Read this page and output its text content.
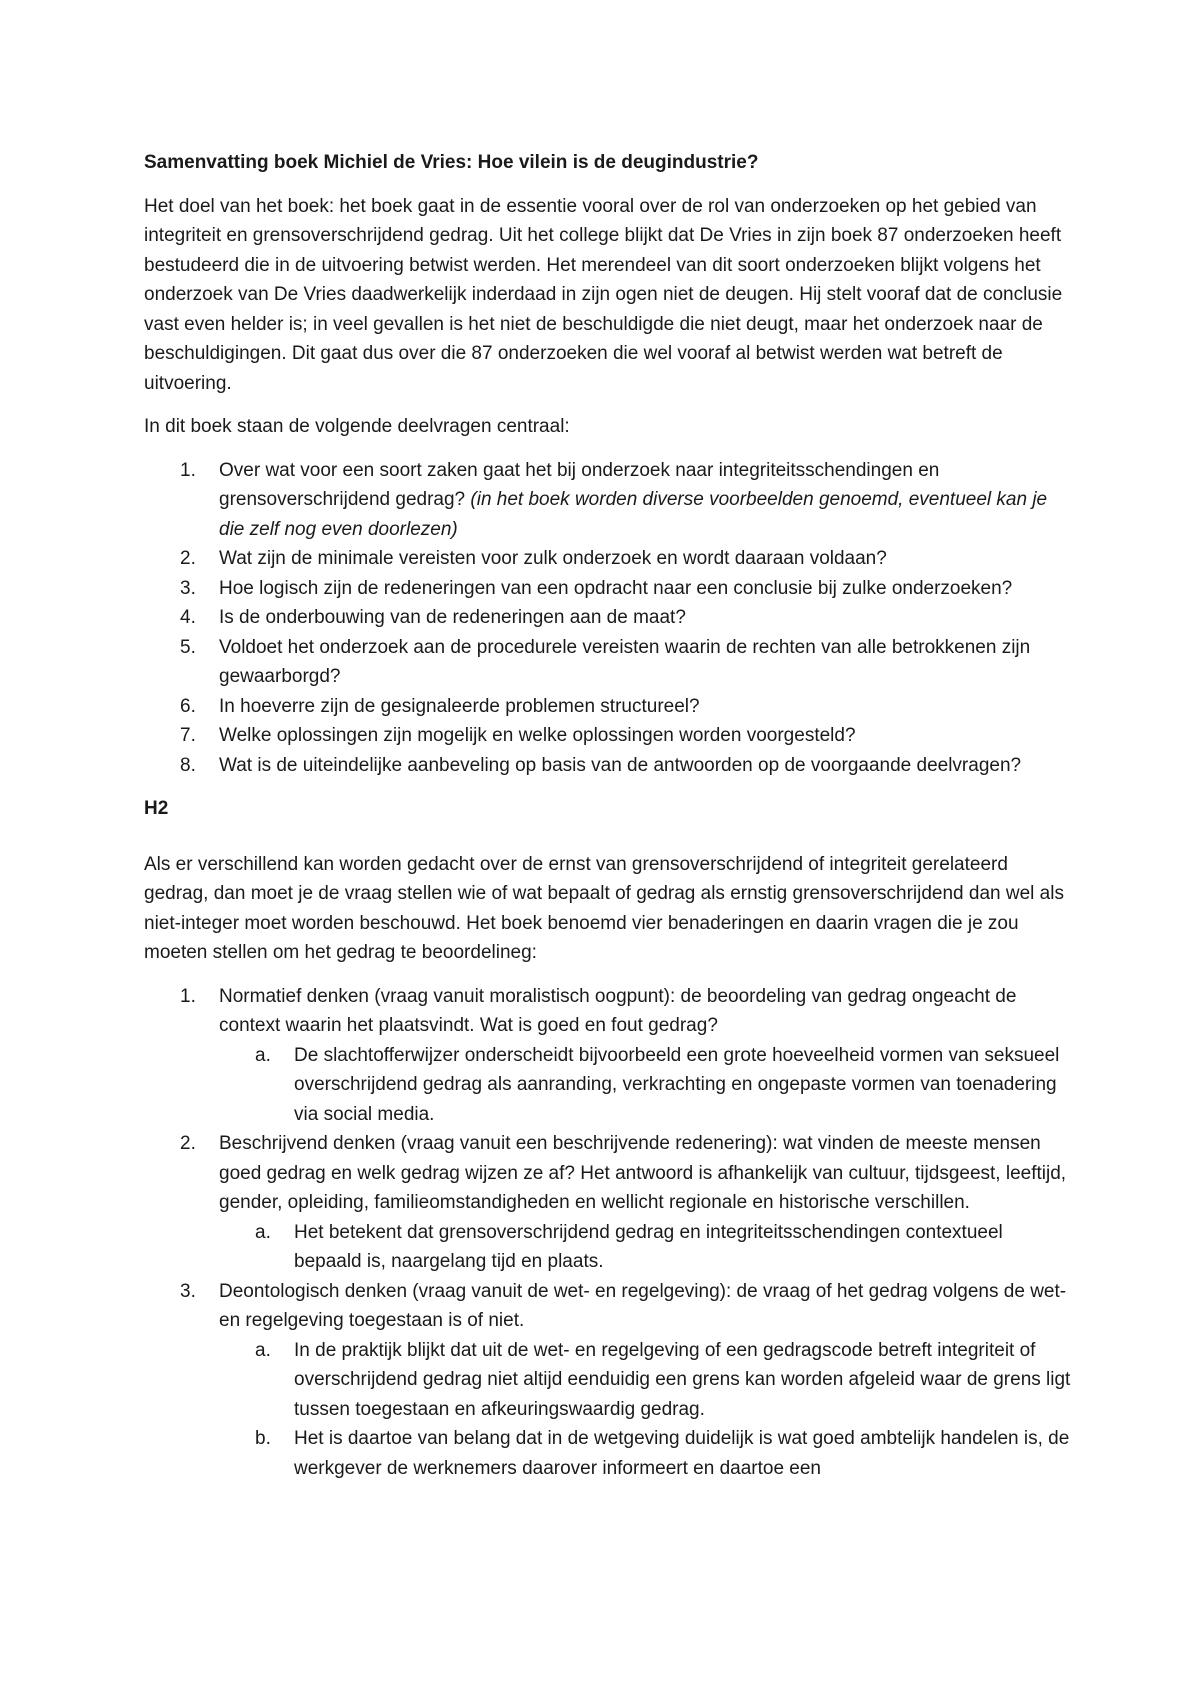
Samenvatting boek Michiel de Vries: Hoe vilein is de deugindustrie?

Het doel van het boek: het boek gaat in de essentie vooral over de rol van onderzoeken op het gebied van integriteit en grensoverschrijdend gedrag. Uit het college blijkt dat De Vries in zijn boek 87 onderzoeken heeft bestudeerd die in de uitvoering betwist werden. Het merendeel van dit soort onderzoeken blijkt volgens het onderzoek van De Vries daadwerkelijk inderdaad in zijn ogen niet de deugen. Hij stelt vooraf dat de conclusie vast even helder is; in veel gevallen is het niet de beschuldigde die niet deugt, maar het onderzoek naar de beschuldigingen. Dit gaat dus over die 87 onderzoeken die wel vooraf al betwist werden wat betreft de uitvoering.

In dit boek staan de volgende deelvragen centraal:

1. Over wat voor een soort zaken gaat het bij onderzoek naar integriteitsschendingen en grensoverschrijdend gedrag? (in het boek worden diverse voorbeelden genoemd, eventueel kan je die zelf nog even doorlezen)
2. Wat zijn de minimale vereisten voor zulk onderzoek en wordt daaraan voldaan?
3. Hoe logisch zijn de redeneringen van een opdracht naar een conclusie bij zulke onderzoeken?
4. Is de onderbouwing van de redeneringen aan de maat?
5. Voldoet het onderzoek aan de procedurele vereisten waarin de rechten van alle betrokkenen zijn gewaarborgd?
6. In hoeverre zijn de gesignaleerde problemen structureel?
7. Welke oplossingen zijn mogelijk en welke oplossingen worden voorgesteld?
8. Wat is de uiteindelijke aanbeveling op basis van de antwoorden op de voorgaande deelvragen?
H2

Als er verschillend kan worden gedacht over de ernst van grensoverschrijdend of integriteit gerelateerd gedrag, dan moet je de vraag stellen wie of wat bepaalt of gedrag als ernstig grensoverschrijdend dan wel als niet-integer moet worden beschouwd. Het boek benoemd vier benaderingen en daarin vragen die je zou moeten stellen om het gedrag te beoordelineg:

1. Normatief denken (vraag vanuit moralistisch oogpunt): de beoordeling van gedrag ongeacht de context waarin het plaatsvindt. Wat is goed en fout gedrag?
a. De slachtofferwijzer onderscheidt bijvoorbeeld een grote hoeveelheid vormen van seksueel overschrijdend gedrag als aanranding, verkrachting en ongepaste vormen van toenadering via social media.
2. Beschrijvend denken (vraag vanuit een beschrijvende redenering): wat vinden de meeste mensen goed gedrag en welk gedrag wijzen ze af? Het antwoord is afhankelijk van cultuur, tijdsgeest, leeftijd, gender, opleiding, familieomstandigheden en wellicht regionale en historische verschillen.
a. Het betekent dat grensoverschrijdend gedrag en integriteitsschendingen contextueel bepaald is, naargelang tijd en plaats.
3. Deontologisch denken (vraag vanuit de wet- en regelgeving): de vraag of het gedrag volgens de wet- en regelgeving toegestaan is of niet.
a. In de praktijk blijkt dat uit de wet- en regelgeving of een gedragscode betreft integriteit of overschrijdend gedrag niet altijd eenduidig een grens kan worden afgeleid waar de grens ligt tussen toegestaan en afkeuringswaardig gedrag.
b. Het is daartoe van belang dat in de wetgeving duidelijk is wat goed ambtelijk handelen is, de werkgever de werknemers daarover informeert en daartoe een
